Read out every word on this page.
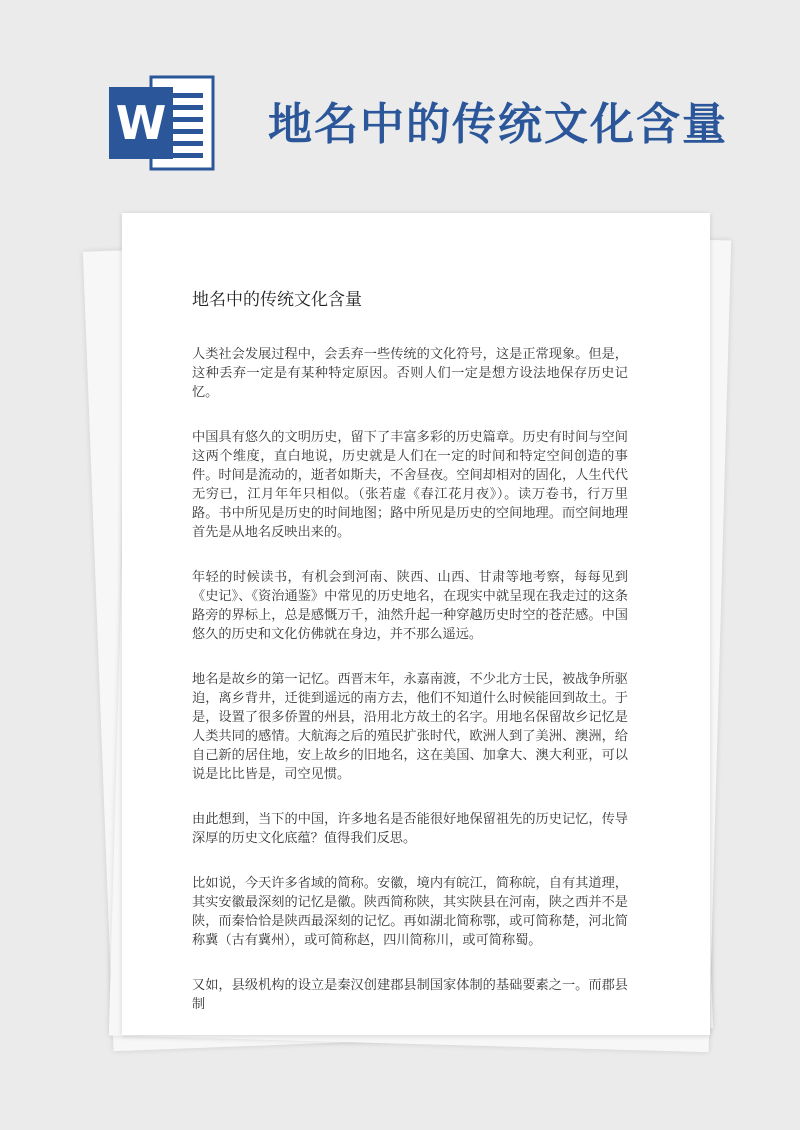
W 地名中的传统文化含量
地名中的传统文化含量

人类社会发展过程中，会丢弃一些传统的文化符号，这是正常现象。但是，这种丢弃一定是有某种特定原因。否则人们一定是想方设法地保存历史记忆。

中国具有悠久的文明历史，留下了丰富多彩的历史篇章。历史有时间与空间这两个维度，直白地说，历史就是人们在一定的时间和特定空间创造的事件。时间是流动的，逝者如斯夫，不舍昼夜。空间却相对的固化，人生代代无穷已，江月年年只相似。（张若虚《春江花月夜》）。读万卷书，行万里路。书中所见是历史的时间地图；路中所见是历史的空间地理。而空间地理首先是从地名反映出来的。

年轻的时候读书，有机会到河南、陕西、山西、甘肃等地考察，每每见到《史记》、《资治通鉴》中常见的历史地名，在现实中就呈现在我走过的这条路旁的界标上，总是感慨万千，油然升起一种穿越历史时空的苍茫感。中国悠久的历史和文化仿佛就在身边，并不那么遥远。

地名是故乡的第一记忆。西晋末年，永嘉南渡，不少北方士民，被战争所驱迫，离乡背井，迁徙到遥远的南方去，他们不知道什么时候能回到故土。于是，设置了很多侨置的州县，沿用北方故土的名字。用地名保留故乡记忆是人类共同的感情。大航海之后的殖民扩张时代，欧洲人到了美洲、澳洲，给自己新的居住地，安上故乡的旧地名，这在美国、加拿大、澳大利亚，可以说是比比皆是，司空见惯。

由此想到，当下的中国，许多地名是否能很好地保留祖先的历史记忆，传导深厚的历史文化底蕴？值得我们反思。

比如说，今天许多省域的简称。安徽，境内有皖江，简称皖，自有其道理，其实安徽最深刻的记忆是徽。陕西简称陕，其实陕县在河南，陕之西并不是陕，而秦恰恰是陕西最深刻的记忆。再如湖北简称鄂，或可简称楚，河北简称冀（古有冀州），或可简称赵，四川简称川，或可简称蜀。

又如，县级机构的设立是秦汉创建郡县制国家体制的基础要素之一。而郡县制
